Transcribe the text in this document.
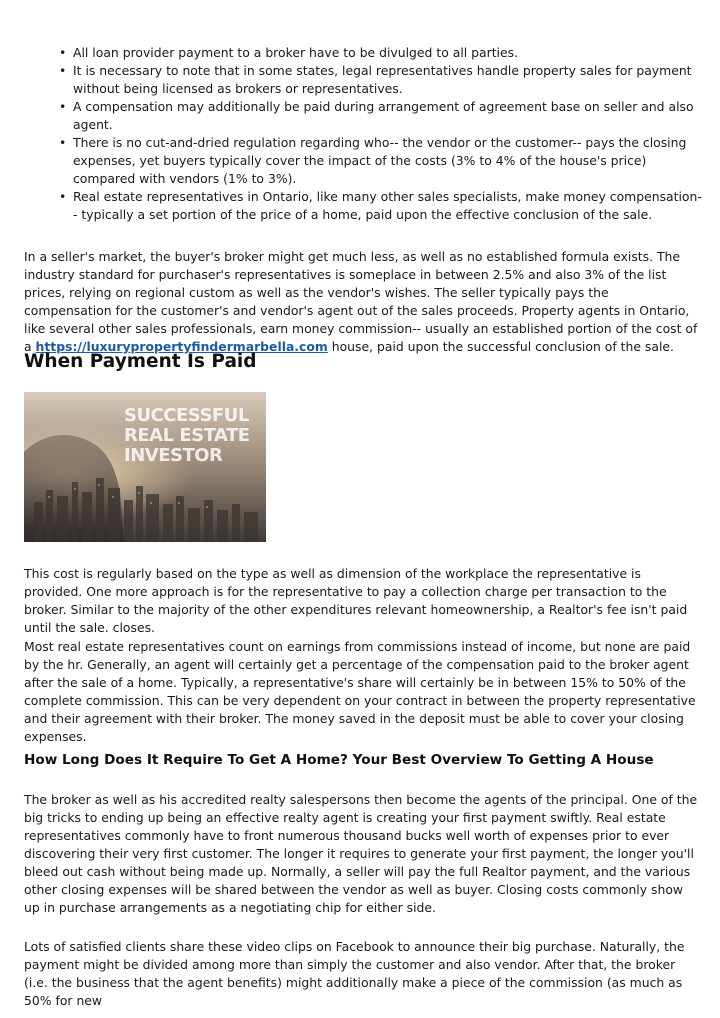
• All loan provider payment to a broker have to be divulged to all parties.
• It is necessary to note that in some states, legal representatives handle property sales for payment without being licensed as brokers or representatives.
• A compensation may additionally be paid during arrangement of agreement base on seller and also agent.
• There is no cut-and-dried regulation regarding who-- the vendor or the customer-- pays the closing expenses, yet buyers typically cover the impact of the costs (3% to 4% of the house's price) compared with vendors (1% to 3%).
• Real estate representatives in Ontario, like many other sales specialists, make money compensation-- typically a set portion of the price of a home, paid upon the effective conclusion of the sale.

In a seller's market, the buyer's broker might get much less, as well as no established formula exists. The industry standard for purchaser's representatives is someplace in between 2.5% and also 3% of the list prices, relying on regional custom as well as the vendor's wishes. The seller typically pays the compensation for the customer's and vendor's agent out of the sales proceeds. Property agents in Ontario, like several other sales professionals, earn money commission-- usually an established portion of the cost of a https://luxurypropertyfindermarbella.com house, paid upon the successful conclusion of the sale.

When Payment Is Paid
SUCCESSFUL
REAL ESTATE
INVESTOR

This cost is regularly based on the type as well as dimension of the workplace the representative is provided. One more approach is for the representative to pay a collection charge per transaction to the broker. Similar to the majority of the other expenditures relevant homeownership, a Realtor's fee isn't paid until the sale. closes.

Most real estate representatives count on earnings from commissions instead of income, but none are paid by the hr. Generally, an agent will certainly get a percentage of the compensation paid to the broker agent after the sale of a home. Typically, a representative's share will certainly be in between 15% to 50% of the complete commission. This can be very dependent on your contract in between the property representative and their agreement with their broker. The money saved in the deposit must be able to cover your closing expenses.

How Long Does It Require To Get A Home? Your Best Overview To Getting A House

The broker as well as his accredited realty salespersons then become the agents of the principal. One of the big tricks to ending up being an effective realty agent is creating your first payment swiftly. Real estate representatives commonly have to front numerous thousand bucks well worth of expenses prior to ever discovering their very first customer. The longer it requires to generate your first payment, the longer you'll bleed out cash without being made up. Normally, a seller will pay the full Realtor payment, and the various other closing expenses will be shared between the vendor as well as buyer. Closing costs commonly show up in purchase arrangements as a negotiating chip for either side.

Lots of satisfied clients share these video clips on Facebook to announce their big purchase. Naturally, the payment might be divided among more than simply the customer and also vendor. After that, the broker (i.e. the business that the agent benefits) might additionally make a piece of the commission (as much as 50% for new
